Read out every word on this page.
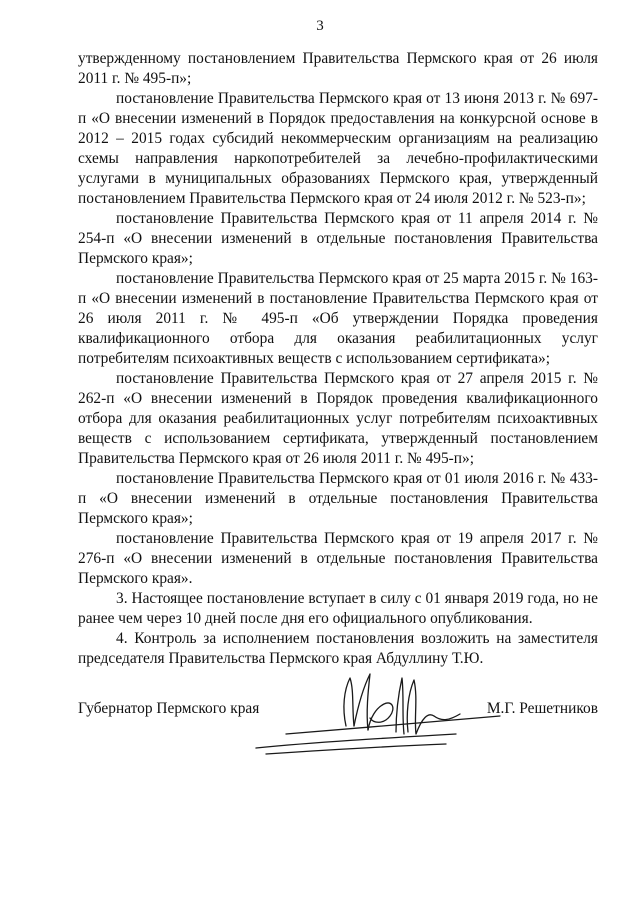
3

утвержденному постановлением Правительства Пермского края от 26 июля 2011 г. № 495-п»;

постановление Правительства Пермского края от 13 июня 2013 г. № 697-п «О внесении изменений в Порядок предоставления на конкурсной основе в 2012 – 2015 годах субсидий некоммерческим организациям на реализацию схемы направления наркопотребителей за лечебно-профилактическими услугами в муниципальных образованиях Пермского края, утвержденный постановлением Правительства Пермского края от 24 июля 2012 г. № 523-п»;

постановление Правительства Пермского края от 11 апреля 2014 г. № 254-п «О внесении изменений в отдельные постановления Правительства Пермского края»;

постановление Правительства Пермского края от 25 марта 2015 г. № 163-п «О внесении изменений в постановление Правительства Пермского края от 26 июля 2011 г. № 495-п «Об утверждении Порядка проведения квалификационного отбора для оказания реабилитационных услуг потребителям психоактивных веществ с использованием сертификата»;

постановление Правительства Пермского края от 27 апреля 2015 г. № 262-п «О внесении изменений в Порядок проведения квалификационного отбора для оказания реабилитационных услуг потребителям психоактивных веществ с использованием сертификата, утвержденный постановлением Правительства Пермского края от 26 июля 2011 г. № 495-п»;

постановление Правительства Пермского края от 01 июля 2016 г. № 433-п «О внесении изменений в отдельные постановления Правительства Пермского края»;

постановление Правительства Пермского края от 19 апреля 2017 г. № 276-п «О внесении изменений в отдельные постановления Правительства Пермского края».

3. Настоящее постановление вступает в силу с 01 января 2019 года, но не ранее чем через 10 дней после дня его официального опубликования.

4. Контроль за исполнением постановления возложить на заместителя председателя Правительства Пермского края Абдуллину Т.Ю.

Губернатор Пермского края	М.Г. Решетников
